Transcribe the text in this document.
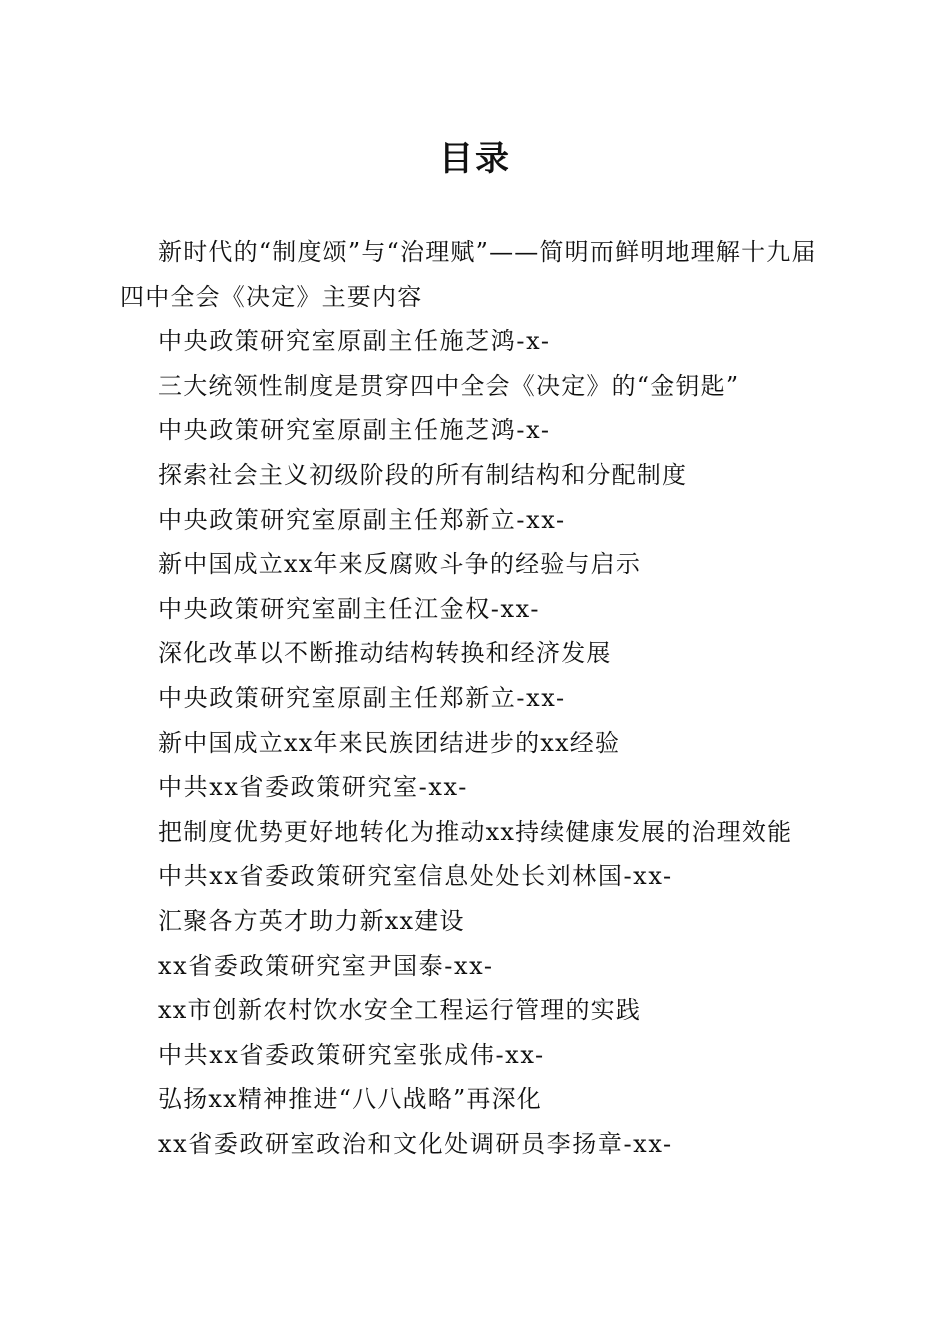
目录

新时代的“制度颂”与“治理赋”——简明而鲜明地理解十九届四中全会《决定》主要内容

中央政策研究室原副主任施芝鸿-x-

三大统领性制度是贯穿四中全会《决定》的“金钥匙”

中央政策研究室原副主任施芝鸿-x-

探索社会主义初级阶段的所有制结构和分配制度

中央政策研究室原副主任郑新立-xx-

新中国成立xx年来反腐败斗争的经验与启示

中央政策研究室副主任江金权-xx-

深化改革以不断推动结构转换和经济发展

中央政策研究室原副主任郑新立-xx-

新中国成立xx年来民族团结进步的xx经验

中共xx省委政策研究室-xx-

把制度优势更好地转化为推动xx持续健康发展的治理效能

中共xx省委政策研究室信息处处长刘林国-xx-

汇聚各方英才助力新xx建设

xx省委政策研究室尹国泰-xx-

xx市创新农村饮水安全工程运行管理的实践

中共xx省委政策研究室张成伟-xx-

弘扬xx精神推进“八八战略”再深化

xx省委政研室政治和文化处调研员李扬章-xx-
